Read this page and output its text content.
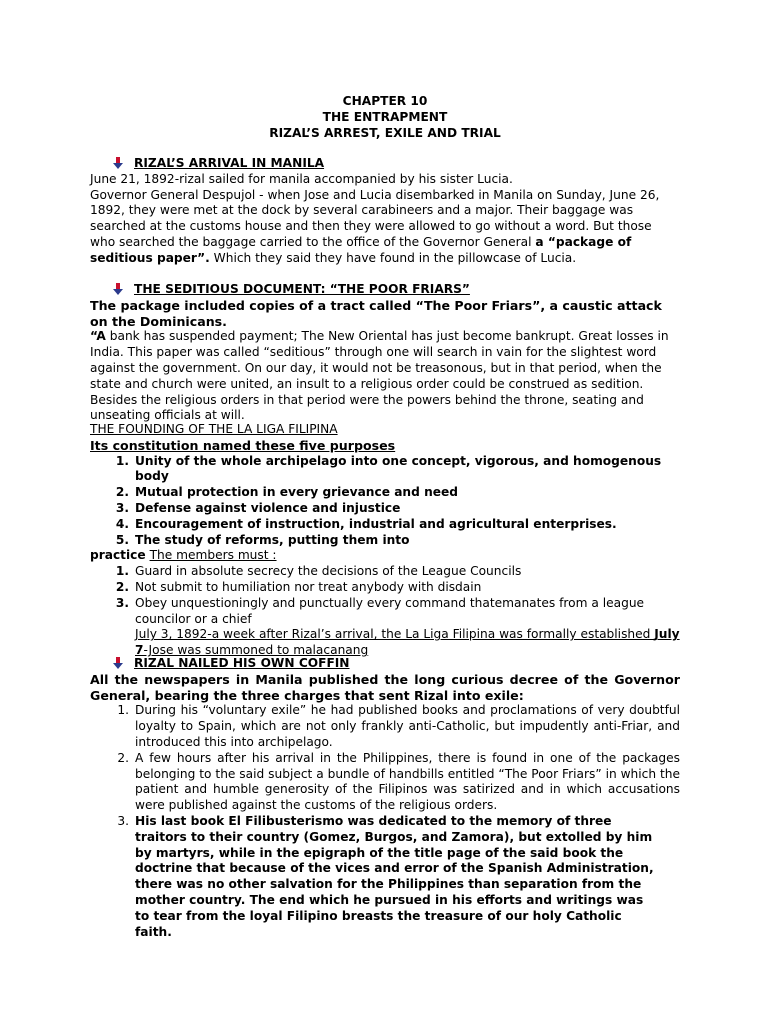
CHAPTER 10
THE ENTRAPMENT
RIZAL’S ARREST, EXILE AND TRIAL
RIZAL’S ARRIVAL IN MANILA

June 21, 1892-rizal sailed for manila accompanied by his sister Lucia.

Governor General Despujol - when Jose and Lucia disembarked in Manila on Sunday, June 26, 1892, they were met at the dock by several carabineers and a major. Their baggage was searched at the customs house and then they were allowed to go without a word. But those who searched the baggage carried to the office of the Governor General a “package of seditious paper”. Which they said they have found in the pillowcase of Lucia.

THE SEDITIOUS DOCUMENT: “THE POOR FRIARS”

The package included copies of a tract called “The Poor Friars”, a caustic attack on the Dominicans.

“A bank has suspended payment; The New Oriental has just become bankrupt. Great losses in India. This paper was called “seditious” through one will search in vain for the slightest word against the government. On our day, it would not be treasonous, but in that period, when the state and church were united, an insult to a religious order could be construed as sedition. Besides the religious orders in that period were the powers behind the throne, seating and unseating officials at will.

THE FOUNDING OF THE LA LIGA FILIPINA

Its constitution named these five purposes

1. Unity of the whole archipelago into one concept, vigorous, and homogenous body
2. Mutual protection in every grievance and need
3. Defense against violence and injustice
4. Encouragement of instruction, industrial and agricultural enterprises.
5. The study of reforms, putting them into

practice The members must :

1. Guard in absolute secrecy the decisions of the League Councils
2. Not submit to humiliation nor treat anybody with disdain
3. Obey unquestioningly and punctually every command thatemanates from a league councilor or a chief

July 3, 1892-a week after Rizal’s arrival, the La Liga Filipina was formally established July 7-Jose was summoned to malacanang

RIZAL NAILED HIS OWN COFFIN

All the newspapers in Manila published the long curious decree of the Governor General, bearing the three charges that sent Rizal into exile:

1. During his “voluntary exile” he had published books and proclamations of very doubtful loyalty to Spain, which are not only frankly anti-Catholic, but impudently anti-Friar, and introduced this into archipelago.
2. A few hours after his arrival in the Philippines, there is found in one of the packages belonging to the said subject a bundle of handbills entitled “The Poor Friars” in which the patient and humble generosity of the Filipinos was satirized and in which accusations were published against the customs of the religious orders.
3. His last book El Filibusterismo was dedicated to the memory of three traitors to their country (Gomez, Burgos, and Zamora), but extolled by him by martyrs, while in the epigraph of the title page of the said book the doctrine that because of the vices and error of the Spanish Administration, there was no other salvation for the Philippines than separation from the mother country. The end which he pursued in his efforts and writings was to tear from the loyal Filipino breasts the treasure of our holy Catholic faith.
